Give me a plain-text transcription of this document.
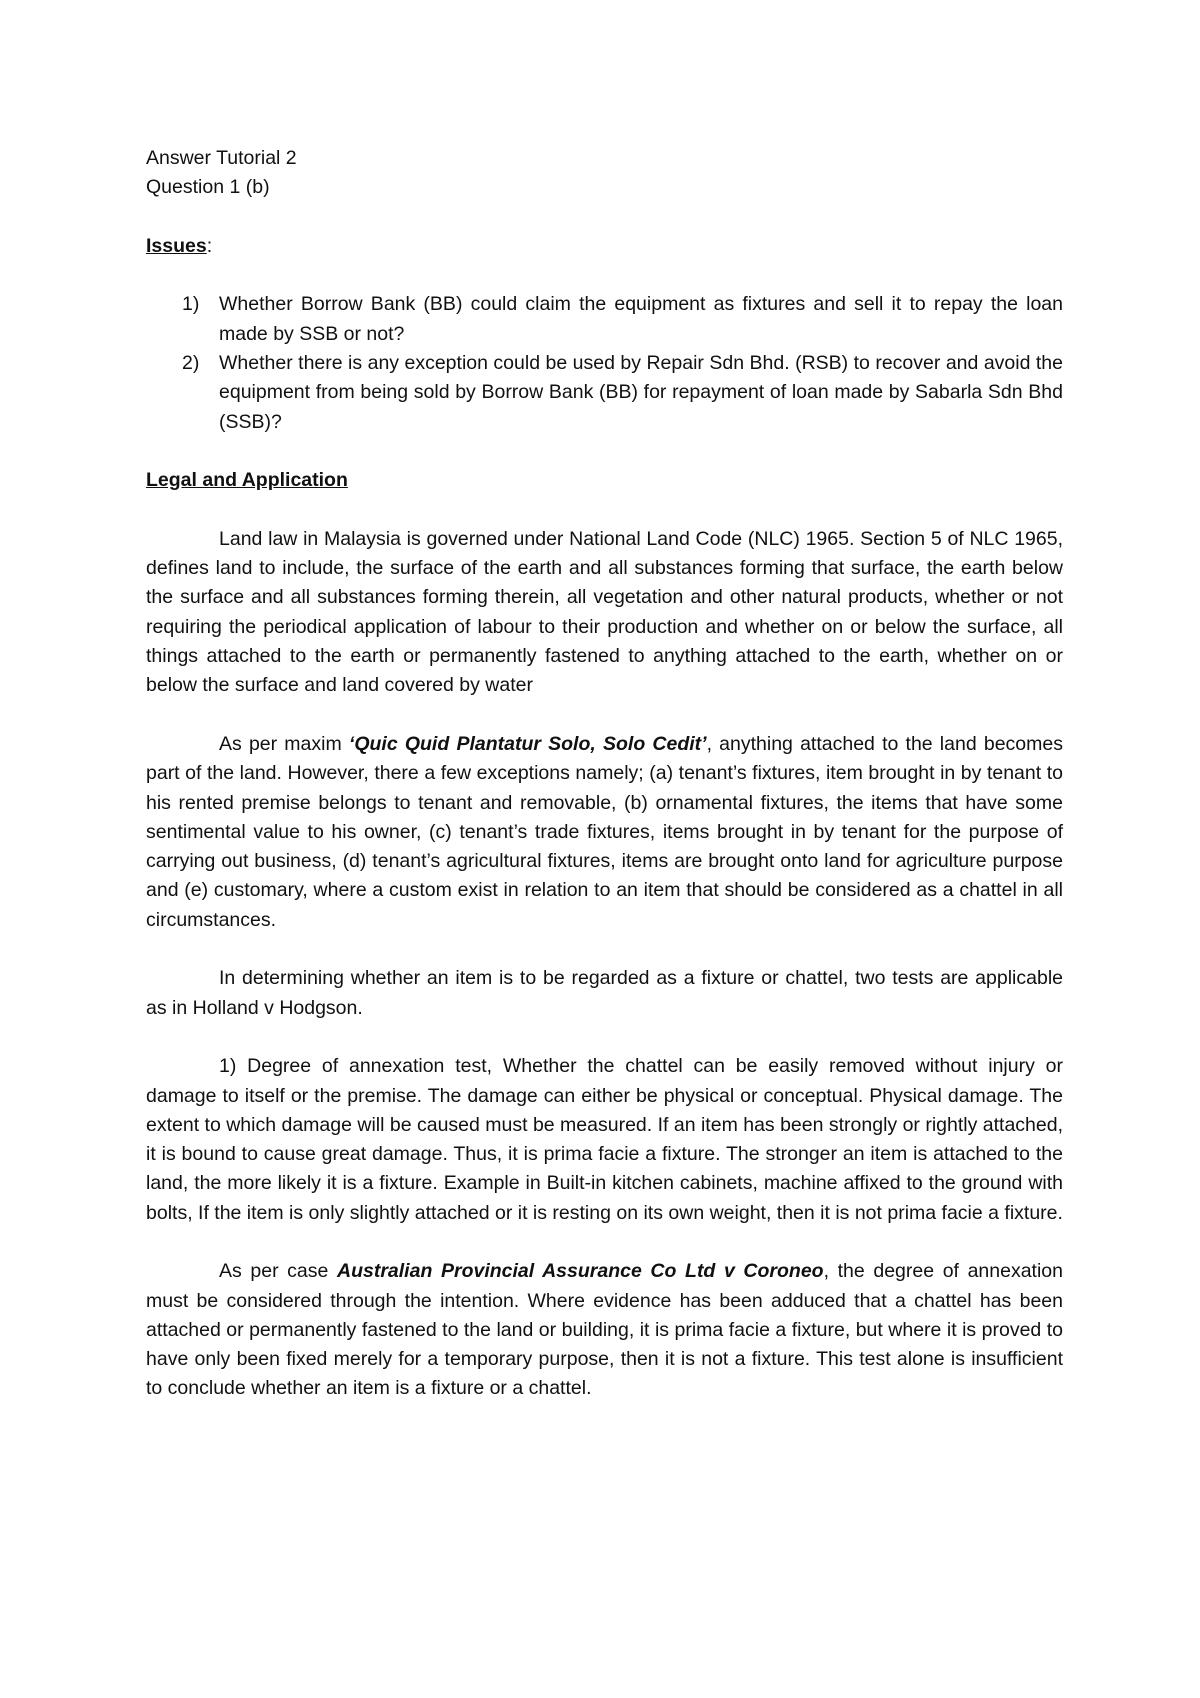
Answer Tutorial 2

Question 1 (b)

Issues:

1) Whether Borrow Bank (BB) could claim the equipment as fixtures and sell it to repay the loan made by SSB or not?
2) Whether there is any exception could be used by Repair Sdn Bhd. (RSB) to recover and avoid the equipment from being sold by Borrow Bank (BB) for repayment of loan made by Sabarla Sdn Bhd (SSB)?

Legal and Application

Land law in Malaysia is governed under National Land Code (NLC) 1965. Section 5 of NLC 1965, defines land to include, the surface of the earth and all substances forming that surface, the earth below the surface and all substances forming therein, all vegetation and other natural products, whether or not requiring the periodical application of labour to their production and whether on or below the surface, all things attached to the earth or permanently fastened to anything attached to the earth, whether on or below the surface and land covered by water

As per maxim ‘Quic Quid Plantatur Solo, Solo Cedit’, anything attached to the land becomes part of the land. However, there a few exceptions namely; (a) tenant’s fixtures, item brought in by tenant to his rented premise belongs to tenant and removable, (b) ornamental fixtures, the items that have some sentimental value to his owner, (c) tenant’s trade fixtures, items brought in by tenant for the purpose of carrying out business, (d) tenant’s agricultural fixtures, items are brought onto land for agriculture purpose and (e) customary, where a custom exist in relation to an item that should be considered as a chattel in all circumstances.

In determining whether an item is to be regarded as a fixture or chattel, two tests are applicable as in Holland v Hodgson.

1) Degree of annexation test, Whether the chattel can be easily removed without injury or damage to itself or the premise. The damage can either be physical or conceptual. Physical damage. The extent to which damage will be caused must be measured. If an item has been strongly or rightly attached, it is bound to cause great damage. Thus, it is prima facie a fixture. The stronger an item is attached to the land, the more likely it is a fixture. Example in Built-in kitchen cabinets, machine affixed to the ground with bolts, If the item is only slightly attached or it is resting on its own weight, then it is not prima facie a fixture.

As per case Australian Provincial Assurance Co Ltd v Coroneo, the degree of annexation must be considered through the intention. Where evidence has been adduced that a chattel has been attached or permanently fastened to the land or building, it is prima facie a fixture, but where it is proved to have only been fixed merely for a temporary purpose, then it is not a fixture. This test alone is insufficient to conclude whether an item is a fixture or a chattel.
